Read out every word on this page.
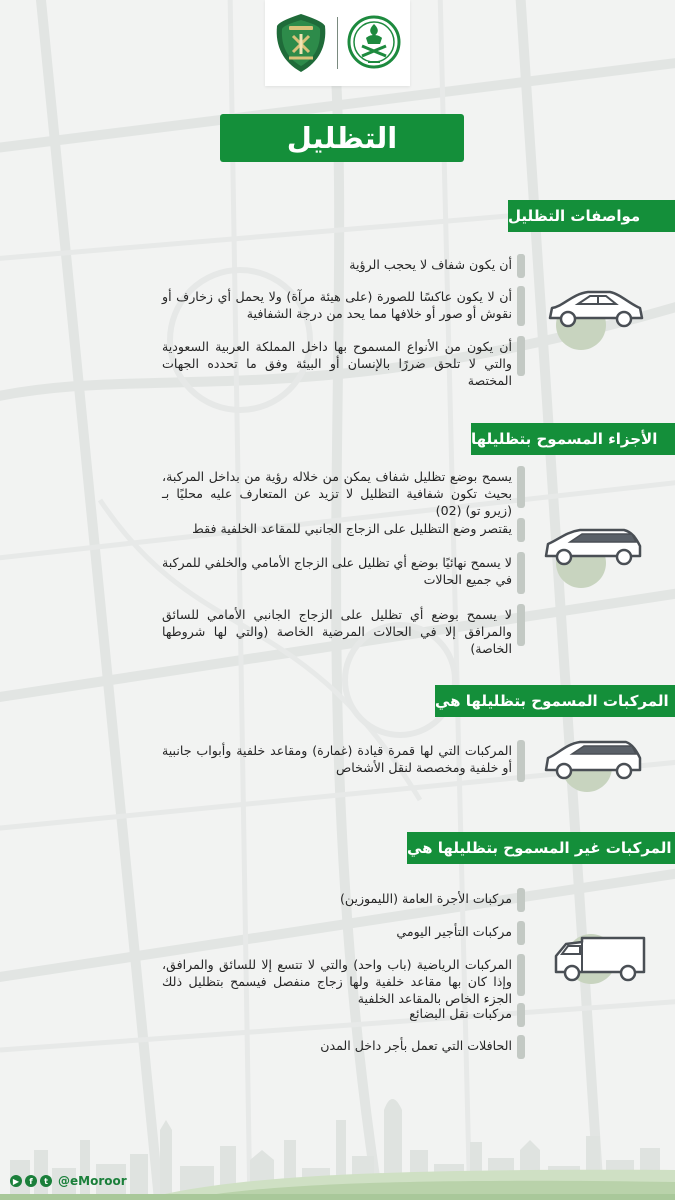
التظليل
مواصفات التظليل
أن يكون شفاف لا يحجب الرؤية
أن لا يكون عاكسًا للصورة (على هيئة مرآة) ولا يحمل أي زخارف أو نقوش أو صور أو خلافها مما يحد من درجة الشفافية
أن يكون من الأنواع المسموح بها داخل المملكة العربية السعودية والتي لا تلحق ضررًا بالإنسان أو البيئة وفق ما تحدده الجهات المختصة
الأجزاء المسموح بتظليلها
يسمح بوضع تظليل شفاف يمكن من خلاله رؤية من بداخل المركبة، بحيث تكون شفافية التظليل لا تزيد عن المتعارف عليه محليًا بـ (زيرو تو) (02)
يقتصر وضع التظليل على الزجاج الجانبي للمقاعد الخلفية فقط
لا يسمح نهائيًا بوضع أي تظليل على الزجاج الأمامي والخلفي للمركبة في جميع الحالات
لا يسمح بوضع أي تظليل على الزجاج الجانبي الأمامي للسائق والمرافق إلا في الحالات المرضية الخاصة (والتي لها شروطها الخاصة)
المركبات المسموح بتظليلها هي
المركبات التي لها قمرة قيادة (غمارة) ومقاعد خلفية وأبواب جانبية أو خلفية ومخصصة لنقل الأشخاص
المركبات غير المسموح بتظليلها هي
مركبات الأجرة العامة (الليموزين)
مركبات التأجير اليومي
المركبات الرياضية (باب واحد) والتي لا تتسع إلا للسائق والمرافق، وإذا كان بها مقاعد خلفية ولها زجاج منفصل فيسمح بتظليل ذلك الجزء الخاص بالمقاعد الخلفية
مركبات نقل البضائع
الحافلات التي تعمل بأجر داخل المدن
▶	f	t @eMoroor
